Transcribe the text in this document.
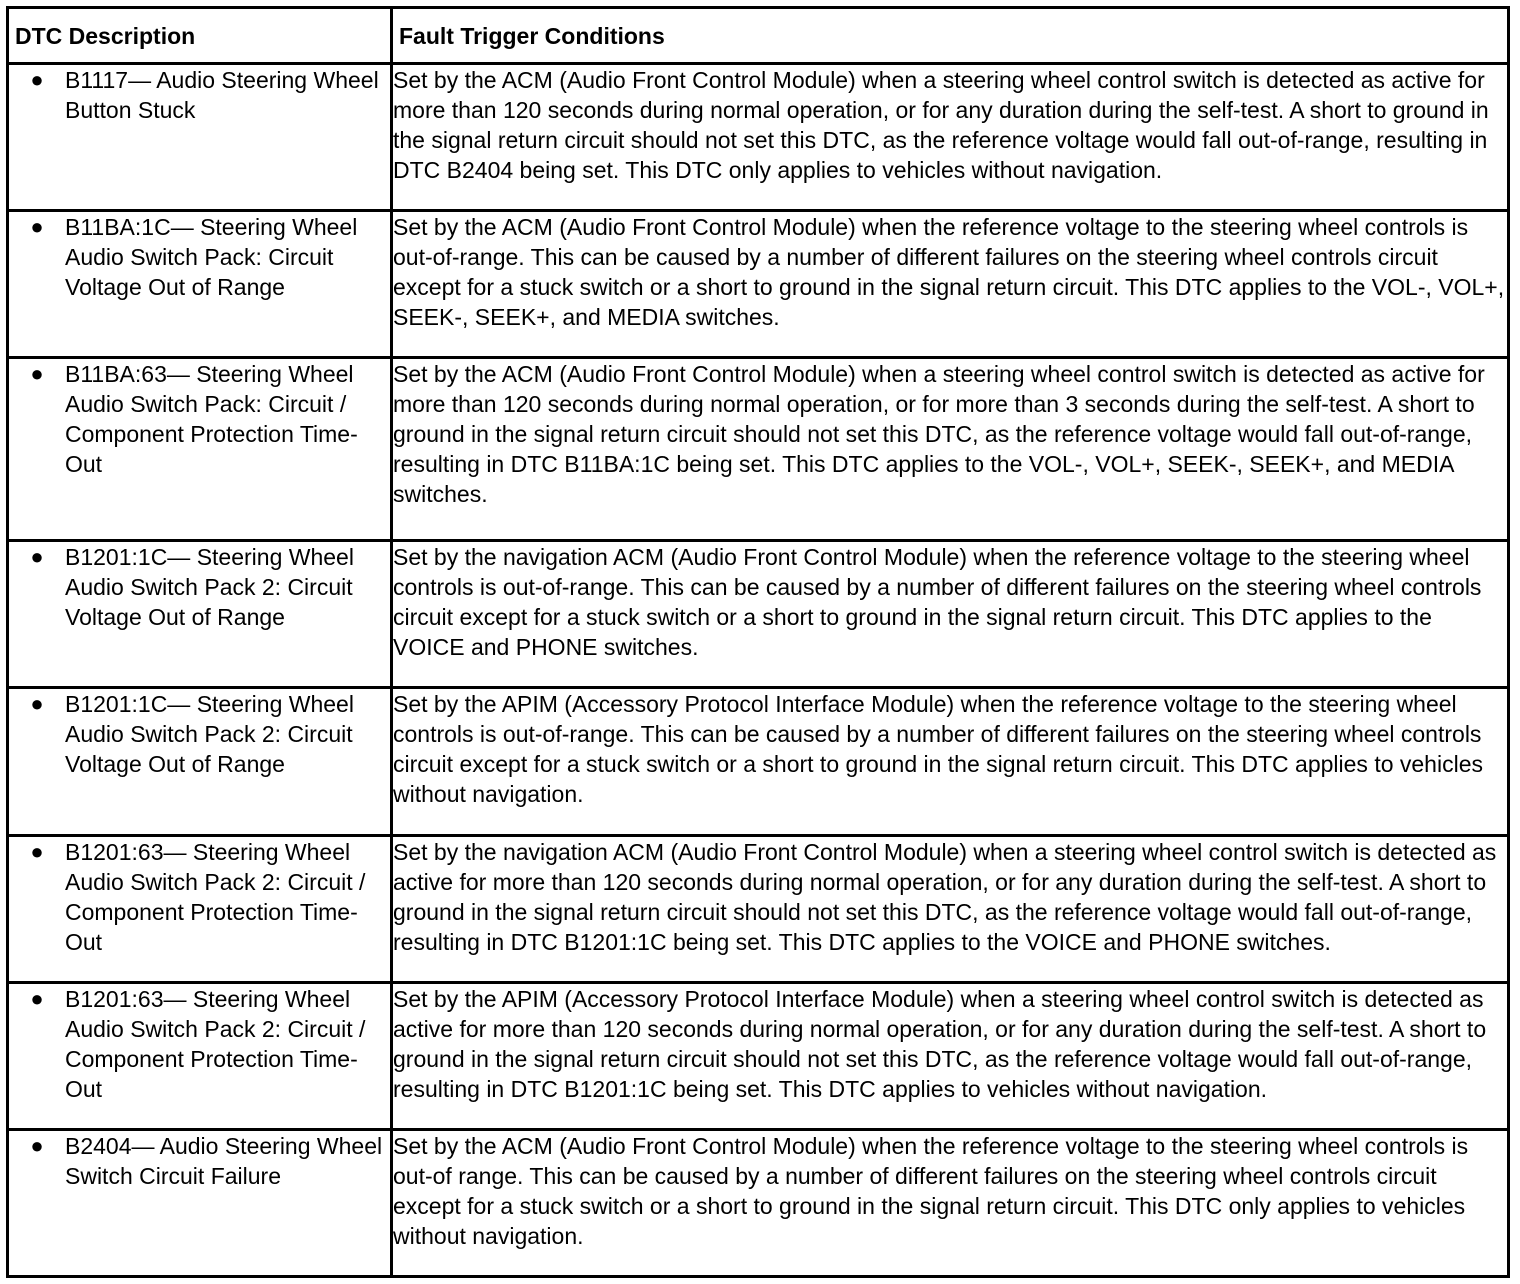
DTC Description	Fault Trigger Conditions

● B1117— Audio Steering Wheel Button Stuck	Set by the ACM (Audio Front Control Module) when a steering wheel control switch is detected as active for more than 120 seconds during normal operation, or for any duration during the self-test. A short to ground in the signal return circuit should not set this DTC, as the reference voltage would fall out-of-range, resulting in DTC B2404 being set. This DTC only applies to vehicles without navigation.

● B11BA:1C— Steering Wheel Audio Switch Pack: Circuit Voltage Out of Range	Set by the ACM (Audio Front Control Module) when the reference voltage to the steering wheel controls is out-of-range. This can be caused by a number of different failures on the steering wheel controls circuit except for a stuck switch or a short to ground in the signal return circuit. This DTC applies to the VOL-, VOL+, SEEK-, SEEK+, and MEDIA switches.

● B11BA:63— Steering Wheel Audio Switch Pack: Circuit / Component Protection Time-Out	Set by the ACM (Audio Front Control Module) when a steering wheel control switch is detected as active for more than 120 seconds during normal operation, or for more than 3 seconds during the self-test. A short to ground in the signal return circuit should not set this DTC, as the reference voltage would fall out-of-range, resulting in DTC B11BA:1C being set. This DTC applies to the VOL-, VOL+, SEEK-, SEEK+, and MEDIA switches.

● B1201:1C— Steering Wheel Audio Switch Pack 2: Circuit Voltage Out of Range	Set by the navigation ACM (Audio Front Control Module) when the reference voltage to the steering wheel controls is out-of-range. This can be caused by a number of different failures on the steering wheel controls circuit except for a stuck switch or a short to ground in the signal return circuit. This DTC applies to the VOICE and PHONE switches.

● B1201:1C— Steering Wheel Audio Switch Pack 2: Circuit Voltage Out of Range	Set by the APIM (Accessory Protocol Interface Module) when the reference voltage to the steering wheel controls is out-of-range. This can be caused by a number of different failures on the steering wheel controls circuit except for a stuck switch or a short to ground in the signal return circuit. This DTC applies to vehicles without navigation.

● B1201:63— Steering Wheel Audio Switch Pack 2: Circuit / Component Protection Time-Out	Set by the navigation ACM (Audio Front Control Module) when a steering wheel control switch is detected as active for more than 120 seconds during normal operation, or for any duration during the self-test. A short to ground in the signal return circuit should not set this DTC, as the reference voltage would fall out-of-range, resulting in DTC B1201:1C being set. This DTC applies to the VOICE and PHONE switches.

● B1201:63— Steering Wheel Audio Switch Pack 2: Circuit / Component Protection Time-Out	Set by the APIM (Accessory Protocol Interface Module) when a steering wheel control switch is detected as active for more than 120 seconds during normal operation, or for any duration during the self-test. A short to ground in the signal return circuit should not set this DTC, as the reference voltage would fall out-of-range, resulting in DTC B1201:1C being set. This DTC applies to vehicles without navigation.

● B2404— Audio Steering Wheel Switch Circuit Failure	Set by the ACM (Audio Front Control Module) when the reference voltage to the steering wheel controls is out-of range. This can be caused by a number of different failures on the steering wheel controls circuit except for a stuck switch or a short to ground in the signal return circuit. This DTC only applies to vehicles without navigation.
